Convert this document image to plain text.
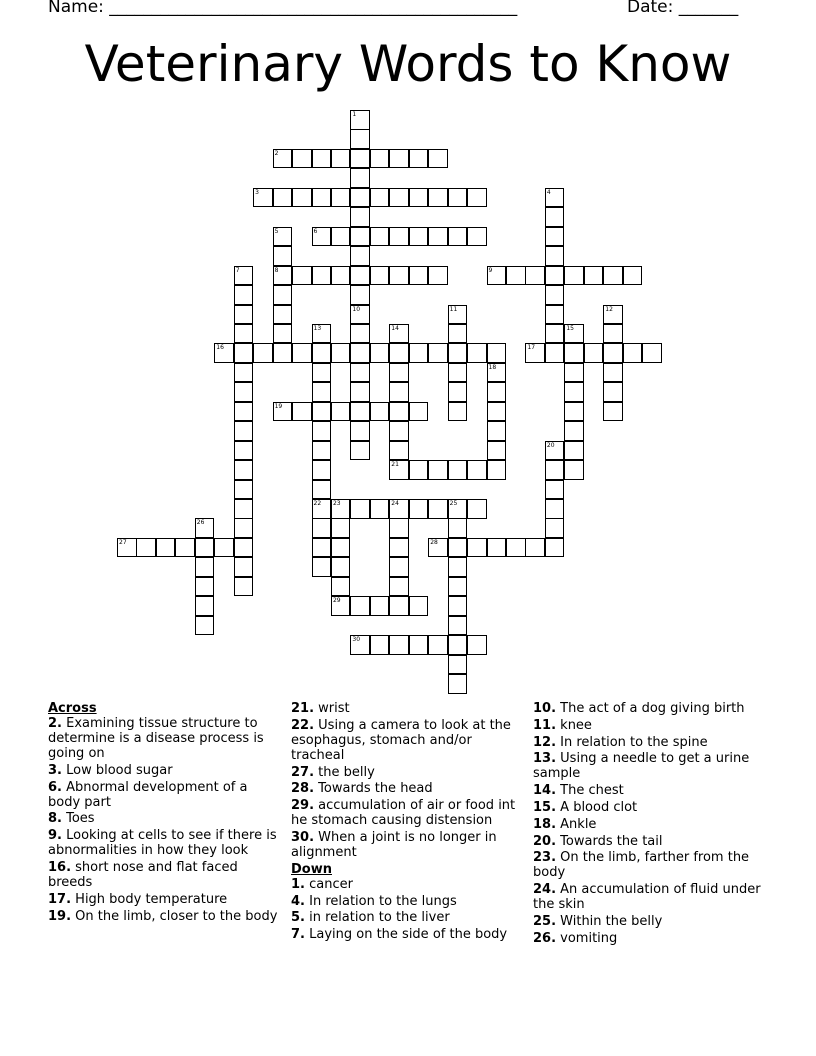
Name: ________________________________________________	Date: _______
Veterinary Words to Know
1
2
3	4
5
8
6
7	9
10	11	12
13
22
14	15
16	17
18
19
20
21
23	24	25
29
26
27	28
30
Across
2. Examining tissue structure to determine is a disease process is going on
3. Low blood sugar
6. Abnormal development of a body part
8. Toes
9. Looking at cells to see if there is abnormalities in how they look
16. short nose and flat faced breeds
17. High body temperature
19. On the limb, closer to the body
21. wrist
22. Using a camera to look at the esophagus, stomach and/or tracheal
27. the belly
28. Towards the head
29. accumulation of air or food int he stomach causing distension
30. When a joint is no longer in alignment
Down
1. cancer
4. In relation to the lungs
5. in relation to the liver
7. Laying on the side of the body
10. The act of a dog giving birth
11. knee
12. In relation to the spine
13. Using a needle to get a urine sample
14. The chest
15. A blood clot
18. Ankle
20. Towards the tail
23. On the limb, farther from the body
24. An accumulation of fluid under the skin
25. Within the belly
26. vomiting
